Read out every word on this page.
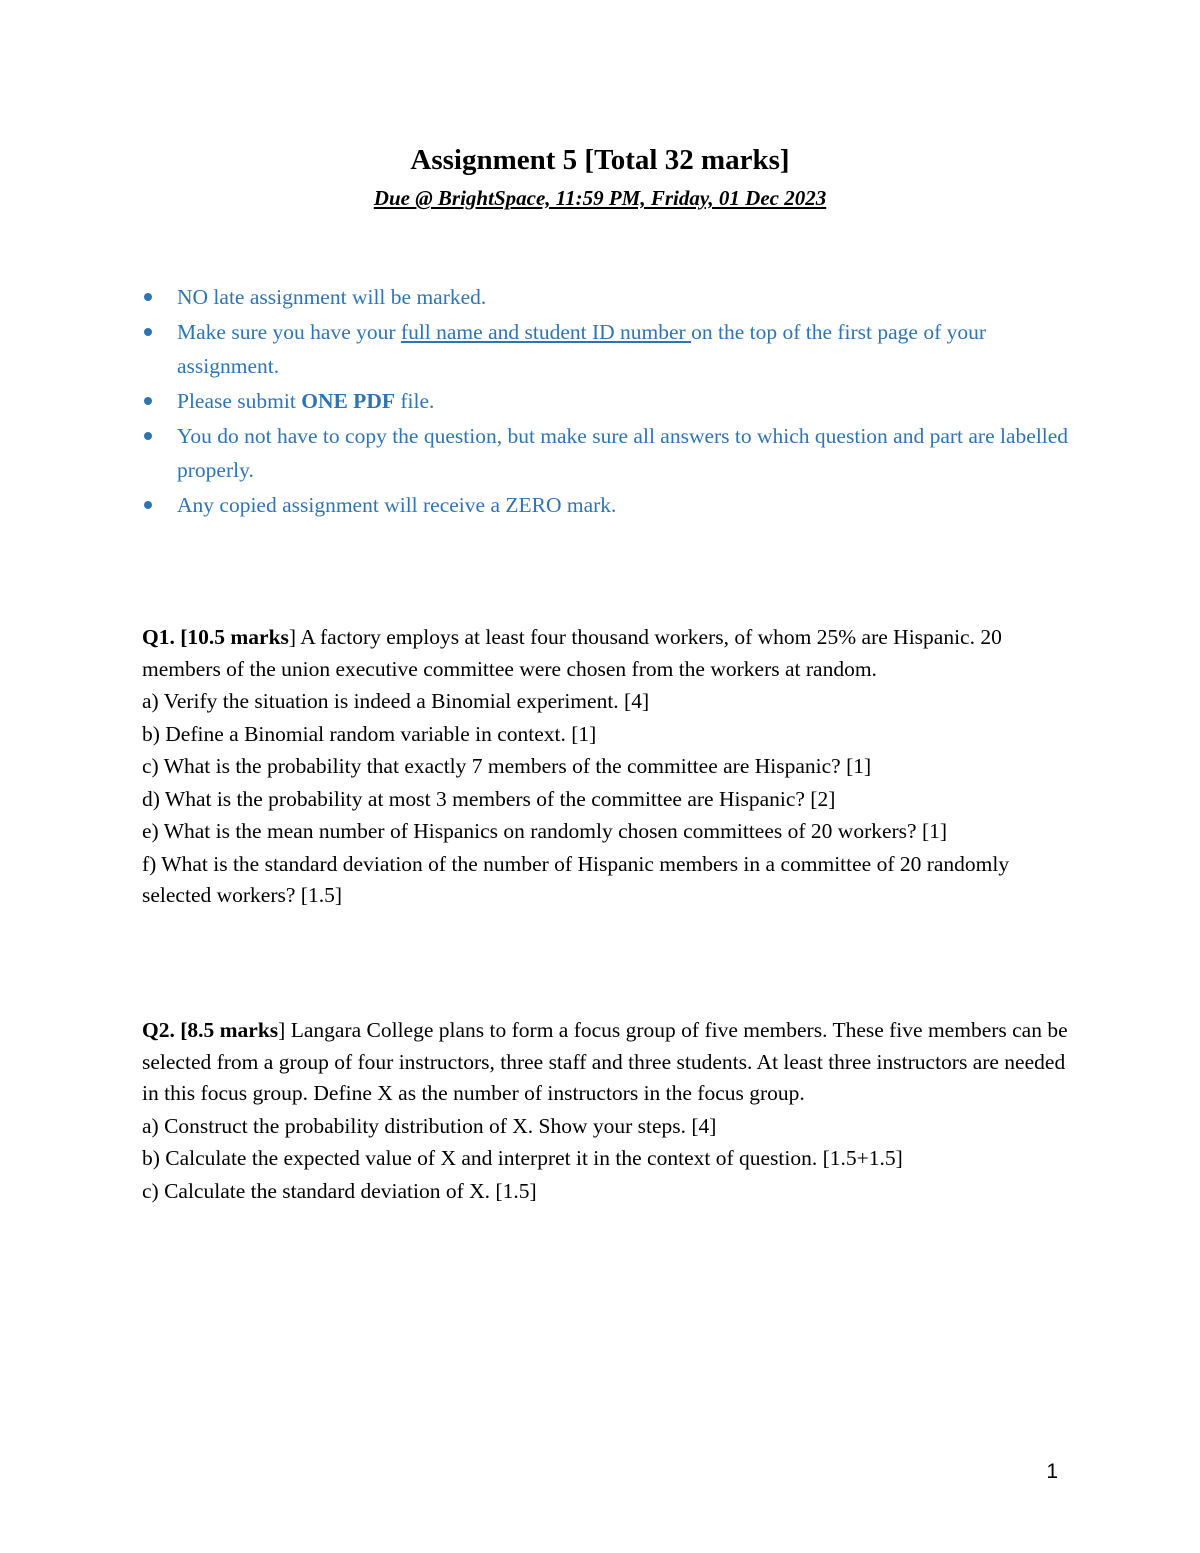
Assignment 5 [Total 32 marks]
Due @ BrightSpace, 11:59 PM, Friday, 01 Dec 2023
NO late assignment will be marked.
Make sure you have your full name and student ID number on the top of the first page of your assignment.
Please submit ONE PDF file.
You do not have to copy the question, but make sure all answers to which question and part are labelled properly.
Any copied assignment will receive a ZERO mark.

Q1. [10.5 marks] A factory employs at least four thousand workers, of whom 25% are Hispanic. 20 members of the union executive committee were chosen from the workers at random.

a) Verify the situation is indeed a Binomial experiment. [4]

b) Define a Binomial random variable in context. [1]

c) What is the probability that exactly 7 members of the committee are Hispanic? [1]

d) What is the probability at most 3 members of the committee are Hispanic? [2]

e) What is the mean number of Hispanics on randomly chosen committees of 20 workers? [1]

f) What is the standard deviation of the number of Hispanic members in a committee of 20 randomly selected workers? [1.5]

Q2. [8.5 marks] Langara College plans to form a focus group of five members. These five members can be selected from a group of four instructors, three staff and three students. At least three instructors are needed in this focus group. Define X as the number of instructors in the focus group.

a) Construct the probability distribution of X. Show your steps. [4]

b) Calculate the expected value of X and interpret it in the context of question. [1.5+1.5]

c) Calculate the standard deviation of X. [1.5]

1
